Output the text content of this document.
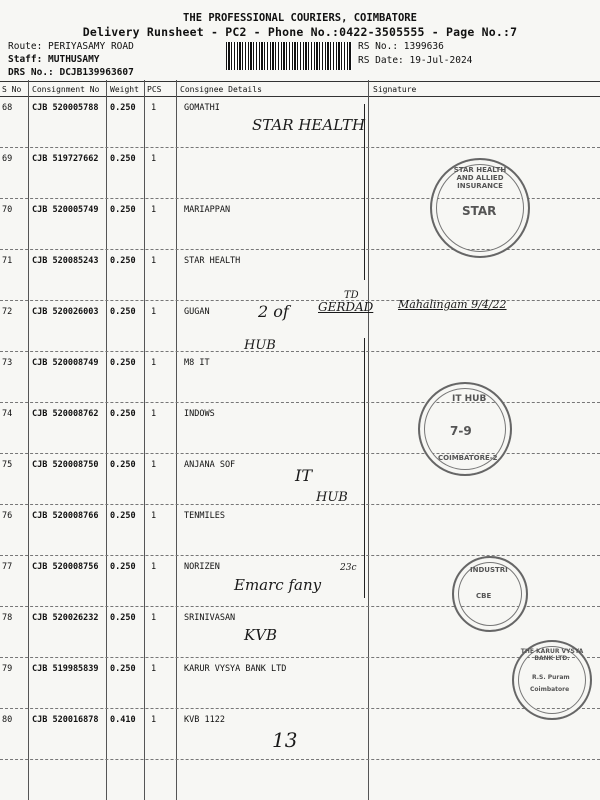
THE PROFESSIONAL COURIERS, COIMBATORE
Delivery Runsheet - PC2 - Phone No.:0422-3505555 - Page No.:7
Route: PERIYASAMY ROAD
Staff: MUTHUSAMY
DRS No.: DCJB139963607
RS No.: 1399636
RS Date: 19-Jul-2024
S No Consignment No Weight PCS Consignee Details	Signature
68 CJB 520005788 0.250 1	GOMATHI
69 CJB 519727662 0.250 1
70 CJB 520005749 0.250 1	MARIAPPAN
71 CJB 520085243 0.250 1	STAR HEALTH
72 CJB 520026003 0.250 1	GUGAN
73 CJB 520008749 0.250 1	M8 IT
74 CJB 520008762 0.250 1	INDOWS
75 CJB 520008750 0.250 1	ANJANA SOF
76 CJB 520008766 0.250 1	TENMILES
77 CJB 520008756 0.250 1	NORIZEN
78 CJB 520026232 0.250 1	SRINIVASAN
79 CJB 519985839 0.250 1	KARUR VYSYA BANK LTD
80 CJB 520016878 0.410 1	KVB 1122
STAR HEALTH
2 of GERDAD
TD
Mahalingam 9/4/22
HUB
IT
HUB
Emarc fany
23c
KVB
13
STAR HEALTH AND ALLIED INSURANCE
STAR
IT HUB
7-9
COIMBATORE-2
INDUSTRI
CBE
THE KARUR VYSYA BANK LTD.
R.S. Puram
Coimbatore
